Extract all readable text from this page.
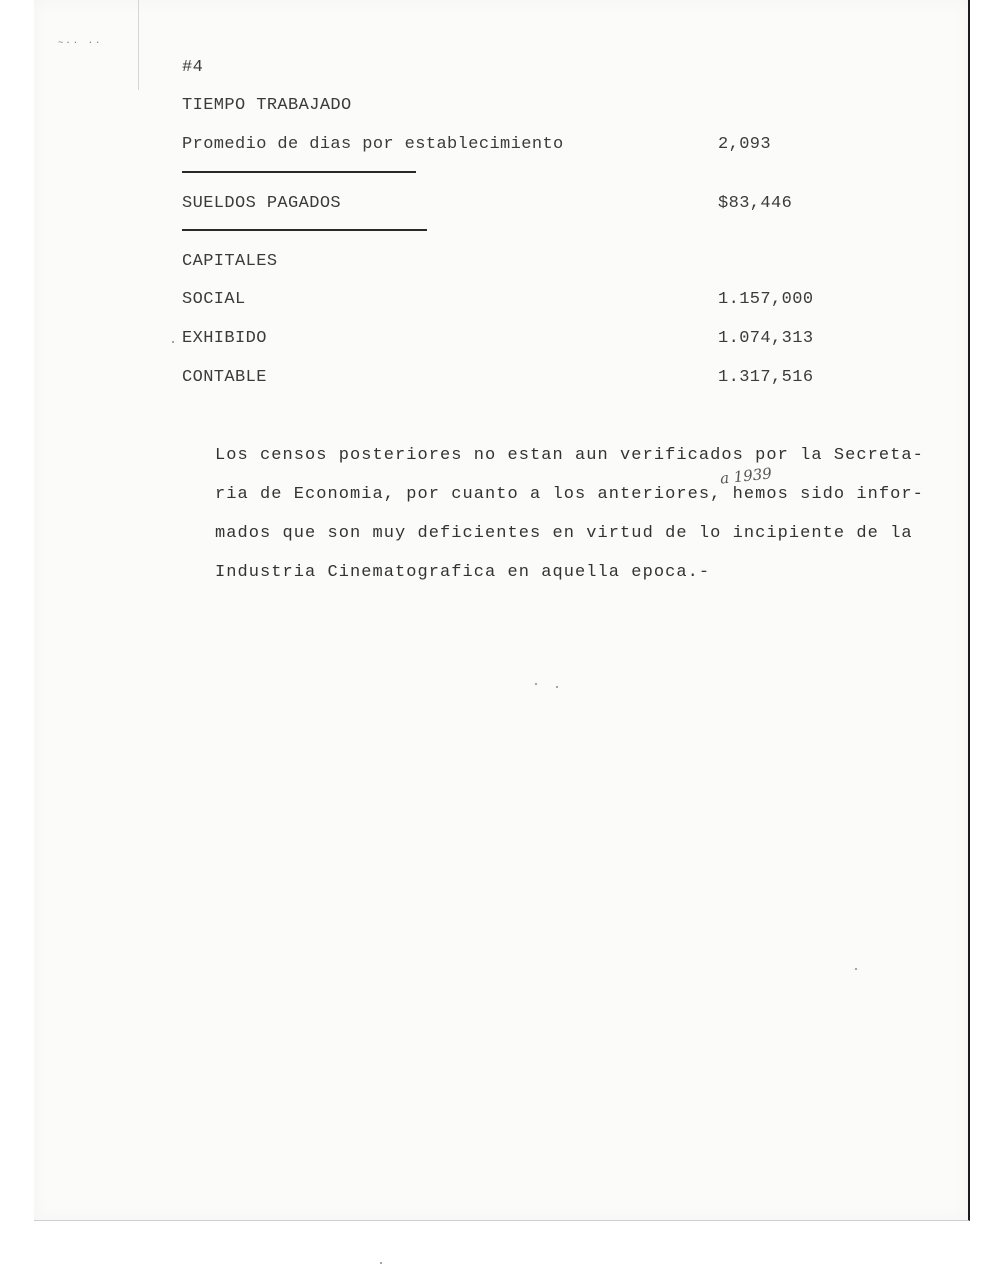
~·· ··
#4
TIEMPO TRABAJADO
Promedio de dias por establecimiento	2,093
SUELDOS PAGADOS	$83,446
CAPITALES
SOCIAL	1.157,000
EXHIBIDO	1.074,313
CONTABLE	1.317,516
Los censos posteriores no estan aun verificados por la Secreta-
a 1939
ria de Economia, por cuanto a los anteriores, hemos sido infor-
mados que son muy deficientes en virtud de lo incipiente de la
Industria Cinematografica en aquella epoca.-
